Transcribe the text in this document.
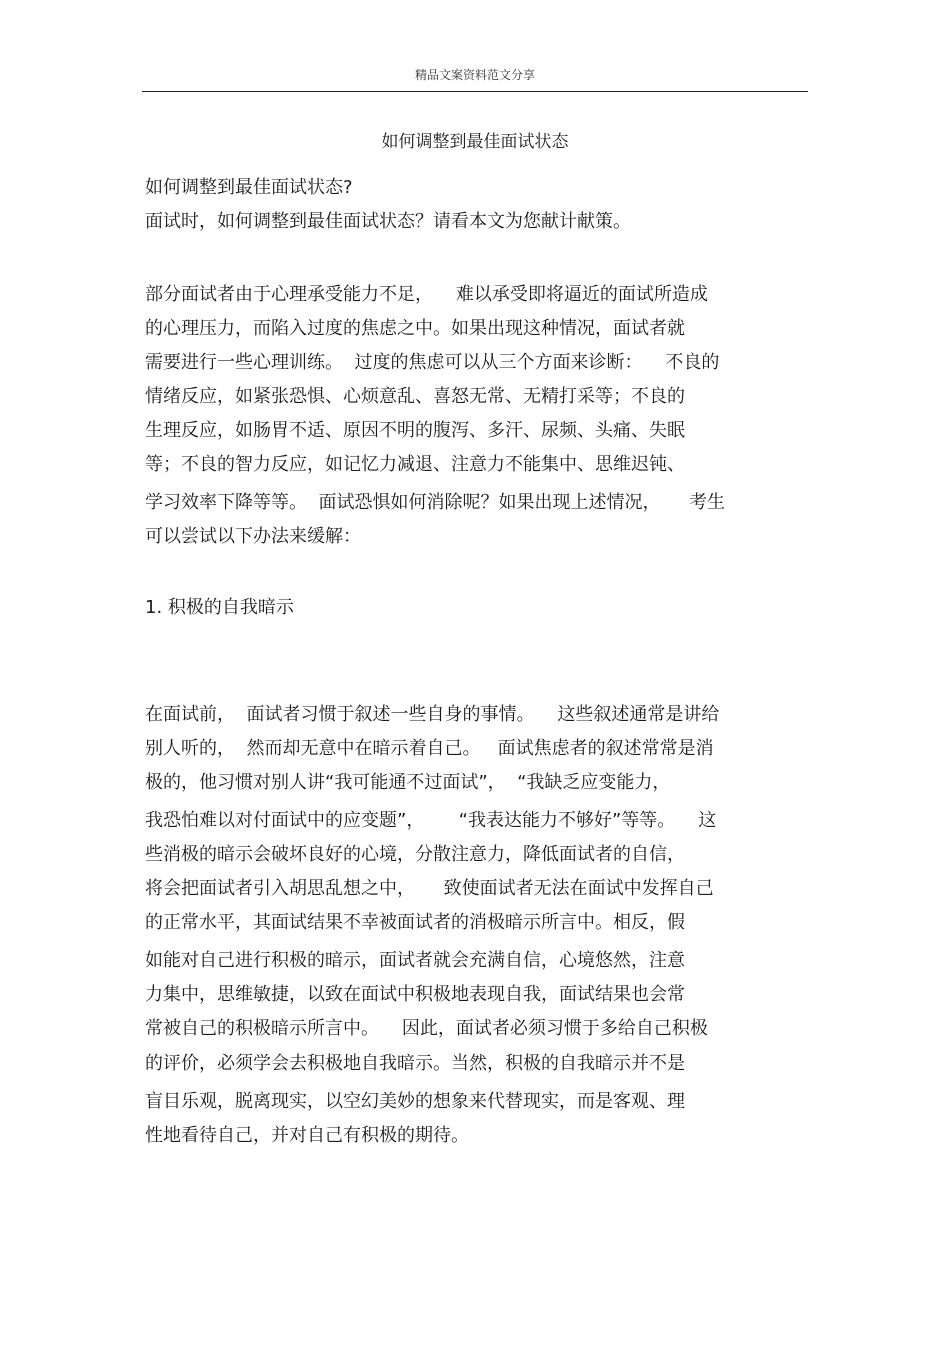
精品文案资料范文分享
如何调整到最佳面试状态

如何调整到最佳面试状态?

面试时，如何调整到最佳面试状态？请看本文为您献计献策。

部分面试者由于心理承受能力不足，    难以承受即将逼近的面试所造成

的心理压力，而陷入过度的焦虑之中。如果出现这种情况，面试者就

需要进行一些心理训练。  过度的焦虑可以从三个方面来诊断：    不良的

情绪反应，如紧张恐惧、心烦意乱、喜怒无常、无精打采等；不良的

生理反应，如肠胃不适、原因不明的腹泻、多汗、尿频、头痛、失眠

等；不良的智力反应，如记忆力减退、注意力不能集中、思维迟钝、

学习效率下降等等。  面试恐惧如何消除呢？如果出现上述情况，     考生

可以尝试以下办法来缓解：

1. 积极的自我暗示

在面试前，  面试者习惯于叙述一些自身的事情。    这些叙述通常是讲给

别人听的，  然而却无意中在暗示着自己。   面试焦虑者的叙述常常是消

极的，他习惯对别人讲“我可能通不过面试”，  “我缺乏应变能力，

我恐怕难以对付面试中的应变题”，      “我表达能力不够好”等等。    这

些消极的暗示会破坏良好的心境，分散注意力，降低面试者的自信，

将会把面试者引入胡思乱想之中，     致使面试者无法在面试中发挥自己

的正常水平，其面试结果不幸被面试者的消极暗示所言中。相反，假

如能对自己进行积极的暗示，面试者就会充满自信，心境悠然，注意

力集中，思维敏捷，以致在面试中积极地表现自我，面试结果也会常

常被自己的积极暗示所言中。    因此，面试者必须习惯于多给自己积极

的评价，必须学会去积极地自我暗示。当然，积极的自我暗示并不是

盲目乐观，脱离现实，以空幻美妙的想象来代替现实，而是客观、理

性地看待自己，并对自己有积极的期待。
